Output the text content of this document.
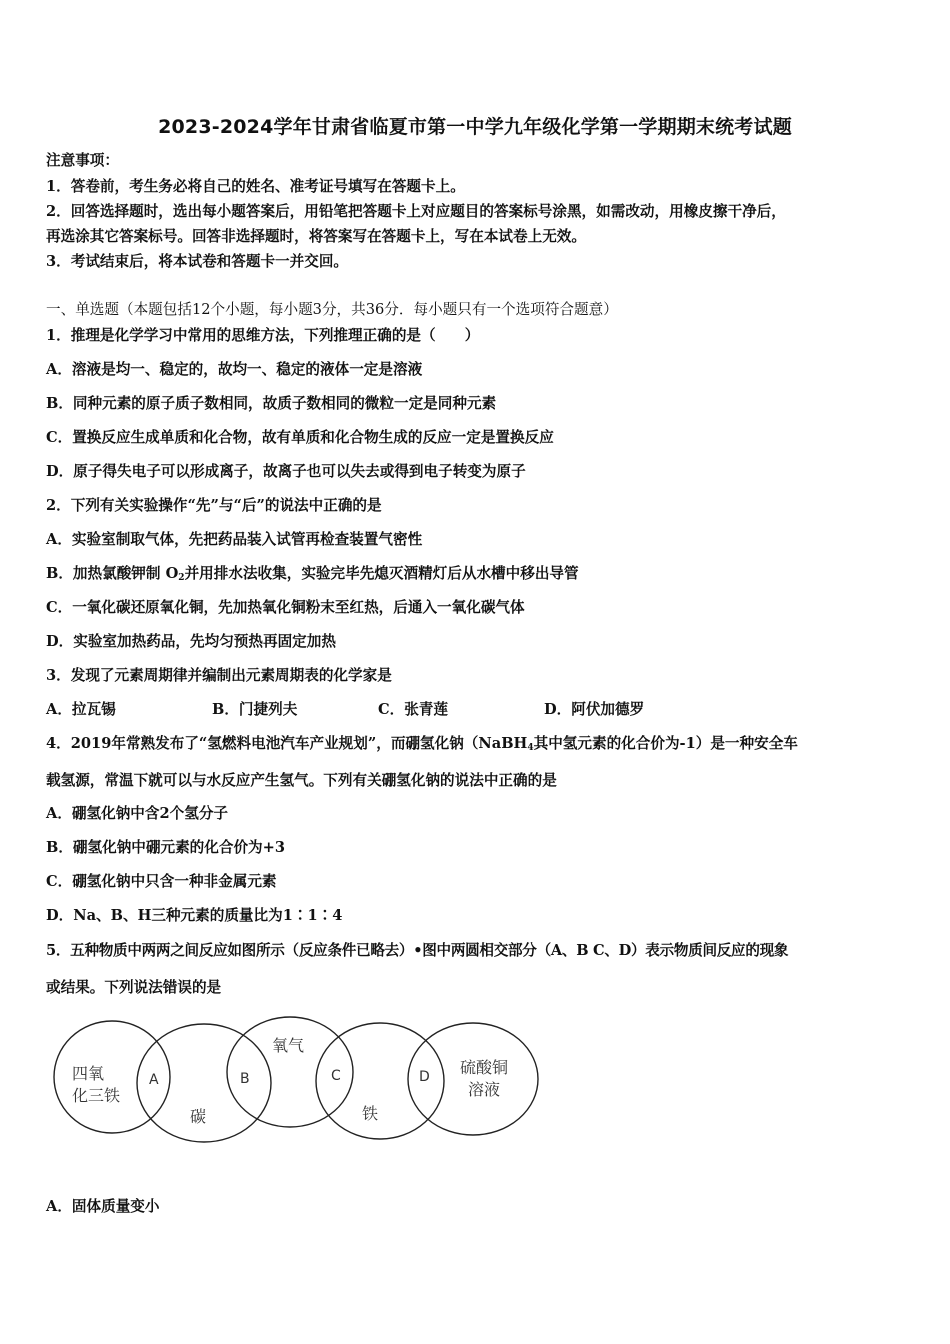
2023-2024学年甘肃省临夏市第一中学九年级化学第一学期期末统考试题
注意事项：
1．答卷前，考生务必将自己的姓名、准考证号填写在答题卡上。
2．回答选择题时，选出每小题答案后，用铅笔把答题卡上对应题目的答案标号涂黑，如需改动，用橡皮擦干净后，
再选涂其它答案标号。回答非选择题时，将答案写在答题卡上，写在本试卷上无效。
3．考试结束后，将本试卷和答题卡一并交回。
一、单选题（本题包括12个小题，每小题3分，共36分．每小题只有一个选项符合题意）
1．推理是化学学习中常用的思维方法，下列推理正确的是（　　）
A．溶液是均一、稳定的，故均一、稳定的液体一定是溶液
B．同种元素的原子质子数相同，故质子数相同的微粒一定是同种元素
C．置换反应生成单质和化合物，故有单质和化合物生成的反应一定是置换反应
D．原子得失电子可以形成离子，故离子也可以失去或得到电子转变为原子
2．下列有关实验操作“先”与“后”的说法中正确的是
A．实验室制取气体，先把药品装入试管再检查装置气密性
B．加热氯酸钾制 $O_2$并用排水法收集，实验完毕先熄灭酒精灯后从水槽中移出导管
C．一氧化碳还原氧化铜，先加热氧化铜粉末至红热，后通入一氧化碳气体
D．实验室加热药品，先均匀预热再固定加热
3．发现了元素周期律并编制出元素周期表的化学家是
A．拉瓦锡	B．门捷列夫	C．张青莲	D．阿伏加德罗
4．2019年常熟发布了“氢燃料电池汽车产业规划”，而硼氢化钠（NaBH$_4$其中氢元素的化合价为-1）是一种安全车
载氢源，常温下就可以与水反应产生氢气。下列有关硼氢化钠的说法中正确的是
A．硼氢化钠中含2个氢分子
B．硼氢化钠中硼元素的化合价为+3
C．硼氢化钠中只含一种非金属元素
D．Na、B、H三种元素的质量比为1∶1∶4
5．五种物质中两两之间反应如图所示（反应条件已略去）•图中两圆相交部分（A、B C、D）表示物质间反应的现象
或结果。下列说法错误的是
四氧
化三铁
碳
氧气
铁
硫酸铜
溶液
A	B	C	D
A．固体质量变小
